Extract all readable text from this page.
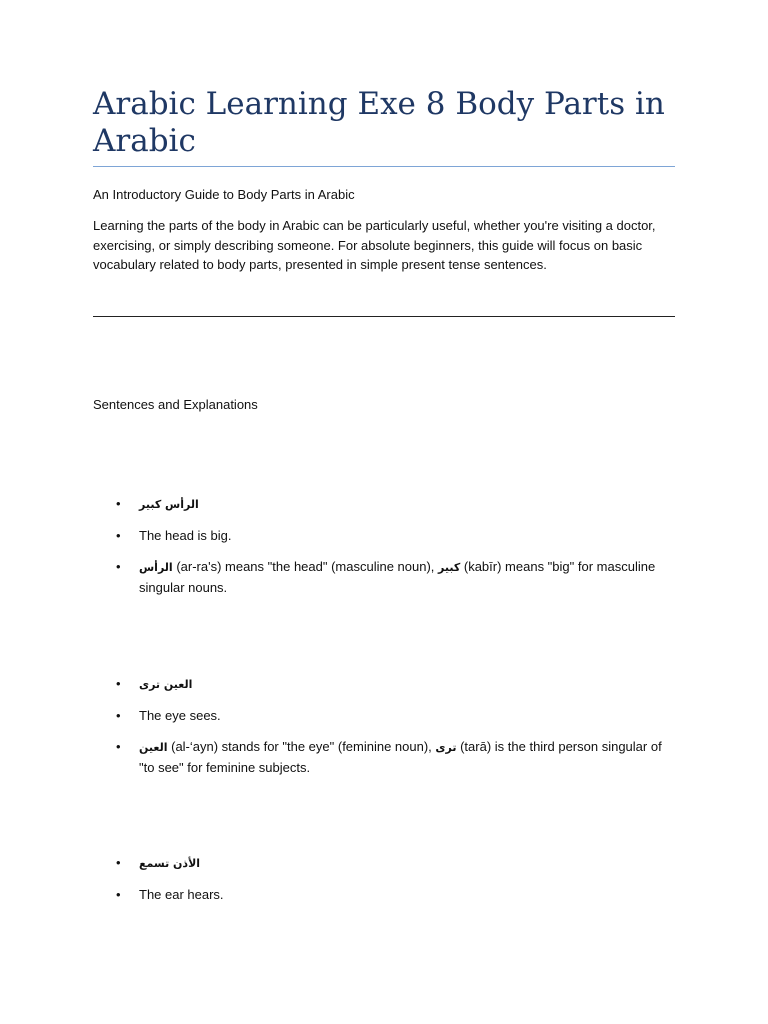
Arabic Learning Exe 8 Body Parts in Arabic
An Introductory Guide to Body Parts in Arabic
Learning the parts of the body in Arabic can be particularly useful, whether you're visiting a doctor, exercising, or simply describing someone. For absolute beginners, this guide will focus on basic vocabulary related to body parts, presented in simple present tense sentences.
Sentences and Explanations
•	الرأس كبير
•	The head is big.
•	الرأس (ar-ra's) means "the head" (masculine noun), كبير (kabīr) means "big" for masculine singular nouns.
•	العين ترى
•	The eye sees.
•	العين (al-‘ayn) stands for "the eye" (feminine noun), ترى (tarā) is the third person singular of "to see" for feminine subjects.
•	الأذن تسمع
•	The ear hears.
